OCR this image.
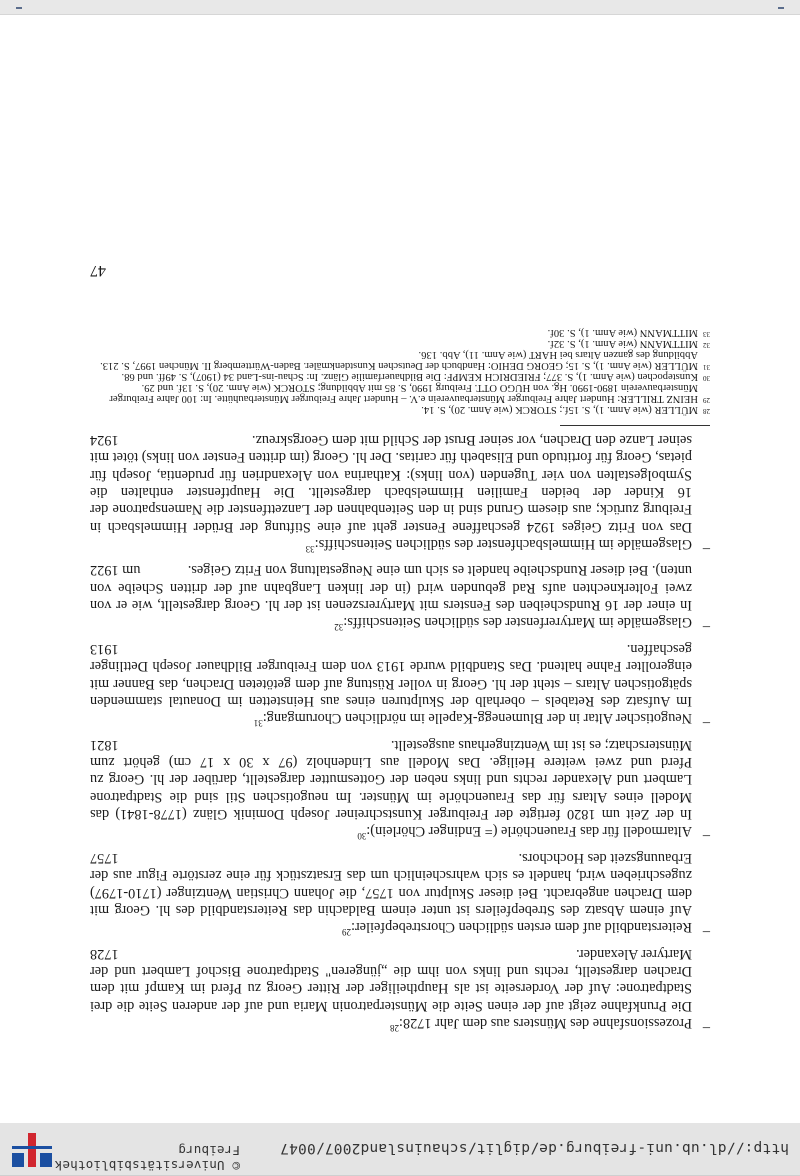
http://dl.ub.uni-freiburg.de/diglit/schauinsland2007/0047
© Universitätsbibliothek Freiburg
–
Prozessionsfahne des Münsters aus dem Jahr 1728:$^{28}$
Die Prunkfahne zeigt auf der einen Seite die Münsterpatronin Maria und auf der anderen Seite die drei Stadtpatrone: Auf der Vorderseite ist als Hauptheiliger der Ritter Georg zu Pferd im Kampf mit dem Drachen dargestellt, rechts und links von ihm die „jüngeren" Stadtpatrone Bischof Lambert und der Martyrer Alexander.
1728
–
Reiterstandbild auf dem ersten südlichen Chorstrebepfeiler:$^{29}$
Auf einem Absatz des Strebepfeilers ist unter einem Baldachin das Reiterstandbild des hl. Georg mit dem Drachen angebracht. Bei dieser Skulptur von 1757, die Johann Christian Wentzinger (1710-1797) zugeschrieben wird, handelt es sich wahrscheinlich um das Ersatzstück für eine zerstörte Figur aus der Erbauungszeit des Hochchors.
1757
–
Altarmodell für das Frauenchörle (= Endinger Chörlein):$^{30}$
In der Zeit um 1820 fertigte der Freiburger Kunstschreiner Joseph Dominik Glänz (1778-1841) das Modell eines Altars für das Frauenchörle im Münster. Im neugotischen Stil sind die Stadtpatrone Lambert und Alexander rechts und links neben der Gottesmutter dargestellt, darüber der hl. Georg zu Pferd und zwei weitere Heilige. Das Modell aus Lindenholz (97 x 30 x 17 cm) gehört zum Münsterschatz; es ist im Wentzingerhaus ausgestellt.
1821
–
Neugotischer Altar in der Blumenegg-Kapelle im nördlichen Chorumgang:$^{31}$
Im Aufsatz des Retabels – oberhalb der Skulpturen eines aus Heinstetten im Donautal stammenden spätgotischen Altars – steht der hl. Georg in voller Rüstung auf dem getöteten Drachen, das Banner mit eingerollter Fahne haltend. Das Standbild wurde 1913 von dem Freiburger Bildhauer Joseph Dettlinger geschaffen.
1913
–
Glasgemälde im Martyrerfenster des südlichen Seitenschiffs:$^{32}$
In einer der 16 Rundscheiben des Fensters mit Martyrerszenen ist der hl. Georg dargestellt, wie er von zwei Folterknechten aufs Rad gebunden wird (in der linken Langbahn auf der dritten Scheibe von unten). Bei dieser Rundscheibe handelt es sich um eine Neugestaltung von Fritz Geiges.
um 1922
–
Glasgemälde im Himmelsbachfenster des südlichen Seitenschiffs:$^{33}$
Das von Fritz Geiges 1924 geschaffene Fenster geht auf eine Stiftung der Brüder Himmelsbach in Freiburg zurück; aus diesem Grund sind in den Seitenbahnen der Lanzettfenster die Namenspatrone der 16 Kinder der beiden Familien Himmelsbach dargestellt. Die Hauptfenster enthalten die Symbolgestalten von vier Tugenden (von links): Katharina von Alexandrien für prudentia, Joseph für pietas, Georg für fortitudo und Elisabeth für caritas. Der hl. Georg (im dritten Fenster von links) tötet mit seiner Lanze den Drachen, vor seiner Brust der Schild mit dem Georgskreuz.
1924

28
MÜLLER (wie Anm. 1), S. 15f.; STORCK (wie Anm. 20), S. 14.

29
HEINZ TRILLER: Hundert Jahre Freiburger Münsterbauverein e.V. – Hundert Jahre Freiburger Münsterbauhütte. In: 100 Jahre Freiburger Münsterbauverein 1890-1990. Hg. von HUGO OTT. Freiburg 1990, S. 85 mit Abbildung; STORCK (wie Anm. 20), S. 13f. und 29.

30
Kunstepochen (wie Anm. 1), S. 377; FRIEDRICH KEMPF: Die Bildhauerfamilie Glänz. In: Schau-ins-Land 34 (1907), S. 49ff. und 68.

31
MÜLLER (wie Anm. 1), S. 15; GEORG DEHIO: Handbuch der Deutschen Kunstdenkmäler. Baden-Württemberg II. München 1997, S. 213. Abbildung des ganzen Altars bei HART (wie Anm. 11), Abb. 136.

32
MITTMANN (wie Anm. 1), S. 32f.

33
MITTMANN (wie Anm. 1), S. 30f.

47
